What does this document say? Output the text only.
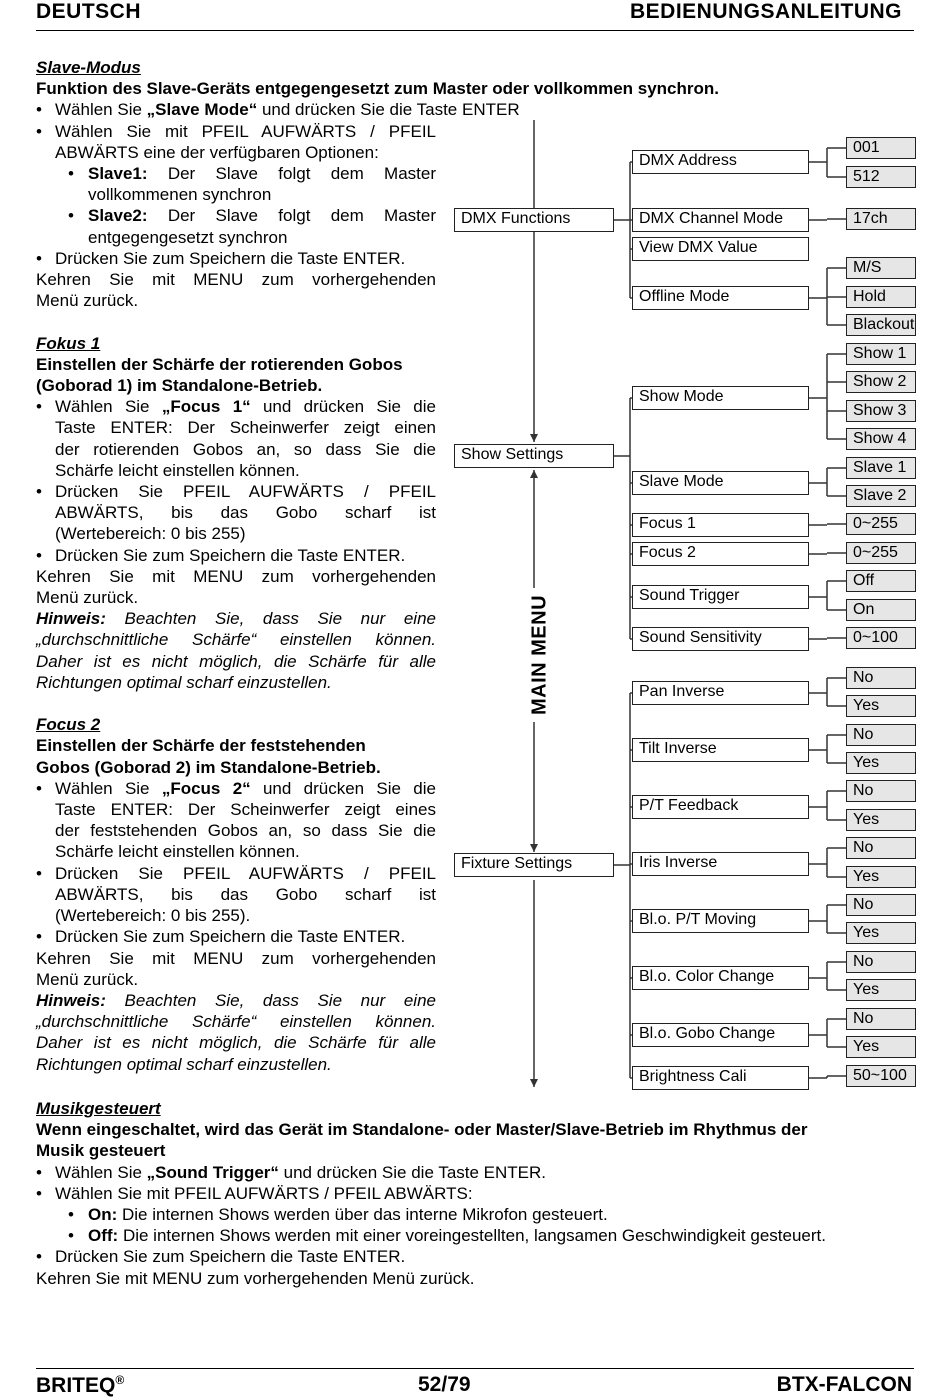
DEUTSCH	BEDIENUNGSANLEITUNG

Slave-Modus

Funktion des Slave-Geräts entgegengesetzt zum Master oder vollkommen synchron.

• Wählen Sie „Slave Mode“ und drücken Sie die Taste ENTER
• Wählen Sie mit PFEIL AUFWÄRTS / PFEIL
ABWÄRTS eine der verfügbaren Optionen:
• Slave1: Der Slave folgt dem Master
vollkommenen synchron
• Slave2: Der Slave folgt dem Master
entgegengesetzt synchron
• Drücken Sie zum Speichern die Taste ENTER.

Kehren Sie mit MENU zum vorhergehenden

Menü zurück.

Fokus 1

Einstellen der Schärfe der rotierenden Gobos

(Goborad 1) im Standalone-Betrieb.

• Wählen Sie „Focus 1“ und drücken Sie die
Taste ENTER: Der Scheinwerfer zeigt einen
der rotierenden Gobos an, so dass Sie die
Schärfe leicht einstellen können.
• Drücken Sie PFEIL AUFWÄRTS / PFEIL
ABWÄRTS, bis das Gobo scharf ist
(Wertebereich: 0 bis 255)
• Drücken Sie zum Speichern die Taste ENTER.

Kehren Sie mit MENU zum vorhergehenden

Menü zurück.

Hinweis: Beachten Sie, dass Sie nur eine
„durchschnittliche Schärfe“ einstellen können.
Daher ist es nicht möglich, die Schärfe für alle
Richtungen optimal scharf einzustellen.

Focus 2

Einstellen der Schärfe der feststehenden

Gobos (Goborad 2) im Standalone-Betrieb.

• Wählen Sie „Focus 2“ und drücken Sie die
Taste ENTER: Der Scheinwerfer zeigt eines
der feststehenden Gobos an, so dass Sie die
Schärfe leicht einstellen können.
• Drücken Sie PFEIL AUFWÄRTS / PFEIL
ABWÄRTS, bis das Gobo scharf ist
(Wertebereich: 0 bis 255).
• Drücken Sie zum Speichern die Taste ENTER.

Kehren Sie mit MENU zum vorhergehenden

Menü zurück.

Hinweis: Beachten Sie, dass Sie nur eine
„durchschnittliche Schärfe“ einstellen können.
Daher ist es nicht möglich, die Schärfe für alle
Richtungen optimal scharf einzustellen.
DMX Functions
Show Settings
Fixture Settings
MAIN MENU
DMX Address
001
512
DMX Channel Mode	17ch
View DMX Value
Offline Mode
M/S
Hold
Blackout
Show Mode
Show 1
Show 2
Show 3
Show 4
Slave Mode
Slave 1
Slave 2
Focus 1	0~255
Focus 2	0~255
Sound Trigger
Off
On
Sound Sensitivity	0~100
Pan Inverse
No
Yes
Tilt Inverse
No
Yes
P/T Feedback
No
Yes
Iris Inverse
No
Yes
Bl.o. P/T Moving
No
Yes
Bl.o. Color Change
No
Yes
Bl.o. Gobo Change
No
Yes
Brightness Cali	50~100

Musikgesteuert

Wenn eingeschaltet, wird das Gerät im Standalone- oder Master/Slave-Betrieb im Rhythmus der

Musik gesteuert

• Wählen Sie „Sound Trigger“ und drücken Sie die Taste ENTER.
• Wählen Sie mit PFEIL AUFWÄRTS / PFEIL ABWÄRTS:
• On: Die internen Shows werden über das interne Mikrofon gesteuert.
• Off: Die internen Shows werden mit einer voreingestellten, langsamen Geschwindigkeit gesteuert.
• Drücken Sie zum Speichern die Taste ENTER.

Kehren Sie mit MENU zum vorhergehenden Menü zurück.

BRITEQ®	52/79	BTX-FALCON
